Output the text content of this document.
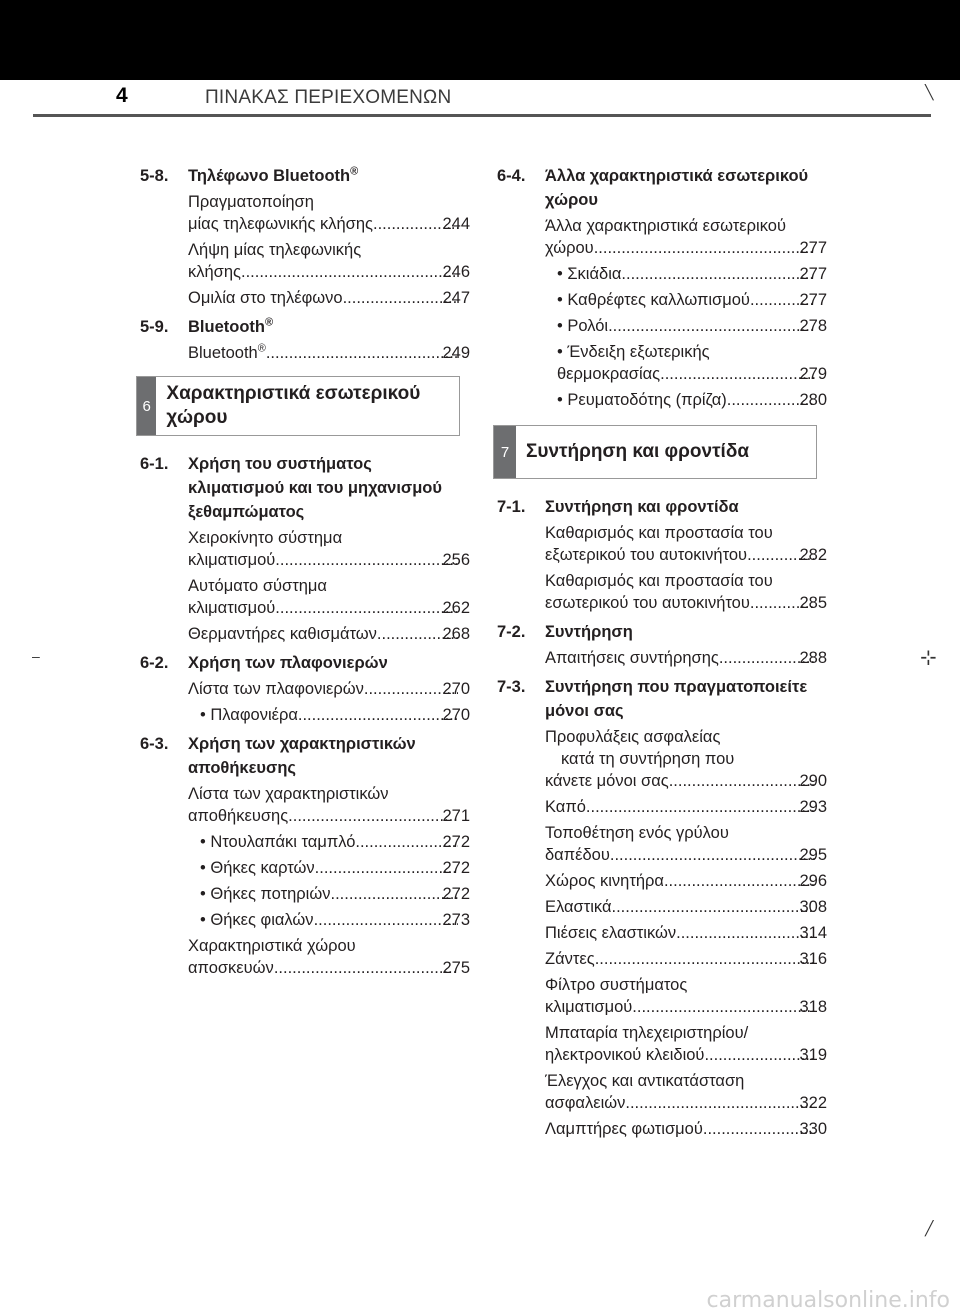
4	ΠΙΝΑΚΑΣ ΠΕΡΙΕΧΟΜΕΝΩΝ	╲
–	⊹
╱
5-8. Τηλέφωνο Bluetooth®
Πραγματοποίηση
μίας τηλεφωνικής κλήσης .....	244
Λήψη μίας τηλεφωνικής
κλήσης .....	246
Ομιλία στο τηλέφωνο .....	247
5-9. Bluetooth®
Bluetooth® .....	249
6
Χαρακτηριστικά εσωτερικού χώρου
6-1. Χρήση του συστήματος κλιματισμού και του μηχανισμού ξεθαμπώματος
Χειροκίνητο σύστημα
κλιματισμού .....	256
Αυτόματο σύστημα
κλιματισμού .....	262
Θερμαντήρες καθισμάτων .....	268
6-2. Χρήση των πλαφονιερών
Λίστα των πλαφονιερών .....	270
• Πλαφονιέρα .....	270
6-3. Χρήση των χαρακτηριστικών αποθήκευσης
Λίστα των χαρακτηριστικών
αποθήκευσης .....	271
• Ντουλαπάκι ταμπλό .....	272
• Θήκες καρτών .....	272
• Θήκες ποτηριών .....	272
• Θήκες φιαλών .....	273
Χαρακτηριστικά χώρου
αποσκευών .....	275
6-4. Άλλα χαρακτηριστικά εσωτερικού χώρου
Άλλα χαρακτηριστικά εσωτερικού
χώρου .....	277
• Σκιάδια .....	277
• Καθρέφτες καλλωπισμού .....	277
• Ρολόι .....	278
• Ένδειξη εξωτερικής
θερμοκρασίας .....	279
• Ρευματοδότης (πρίζα) .....	280
7 Συντήρηση και φροντίδα
7-1. Συντήρηση και φροντίδα
Καθαρισμός και προστασία του
εξωτερικού του αυτοκινήτου .....	282
Καθαρισμός και προστασία του
εσωτερικού του αυτοκινήτου .....	285
7-2. Συντήρηση
Απαιτήσεις συντήρησης .....	288
7-3. Συντήρηση που πραγματοποιείτε μόνοι σας
Προφυλάξεις ασφαλείας
κατά τη συντήρηση που
κάνετε μόνοι σας .....	290
Καπό .....	293
Τοποθέτηση ενός γρύλου
δαπέδου .....	295
Χώρος κινητήρα .....	296
Ελαστικά .....	308
Πιέσεις ελαστικών .....	314
Ζάντες .....	316
Φίλτρο συστήματος
κλιματισμού .....	318
Μπαταρία τηλεχειριστηρίου/
ηλεκτρονικού κλειδιού .....	319
Έλεγχος και αντικατάσταση
ασφαλειών .....	322
Λαμπτήρες φωτισμού .....	330
carmanualsonline.info
